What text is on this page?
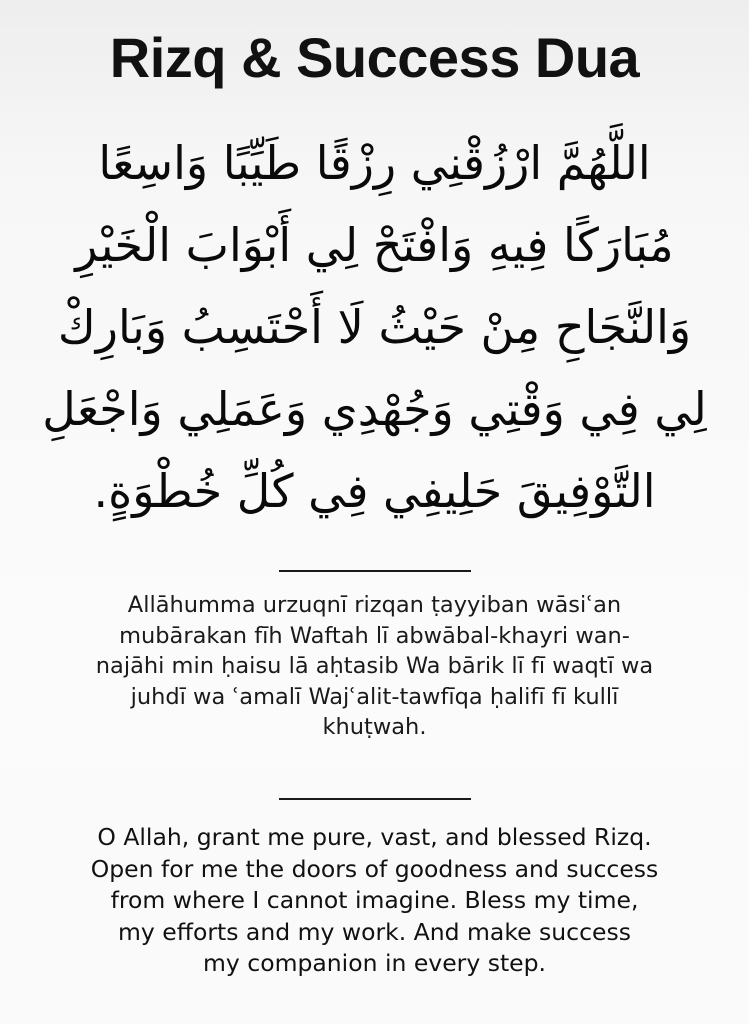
Rizq & Success Dua
اللَّهُمَّ ارْزُقْنِي رِزْقًا طَيِّبًا وَاسِعًا
مُبَارَكًا فِيهِ وَافْتَحْ لِي أَبْوَابَ الْخَيْرِ
وَالنَّجَاحِ مِنْ حَيْثُ لَا أَحْتَسِبُ وَبَارِكْ
لِي فِي وَقْتِي وَجُهْدِي وَعَمَلِي وَاجْعَلِ
التَّوْفِيقَ حَلِيفِي فِي كُلِّ خُطْوَةٍ.

Allāhumma urzuqnī rizqan ṭayyiban wāsiʿan
mubārakan fīh Waftah lī abwābal-khayri wan-
najāhi min ḥaisu lā aḥtasib Wa bārik lī fī waqtī wa
juhdī wa ʿamalī Wajʿalit-tawfīqa ḥalifī fī kullī
khuṭwah.

O Allah, grant me pure, vast, and blessed Rizq.
Open for me the doors of goodness and success
from where I cannot imagine. Bless my time,
my efforts and my work. And make success
my companion in every step.
